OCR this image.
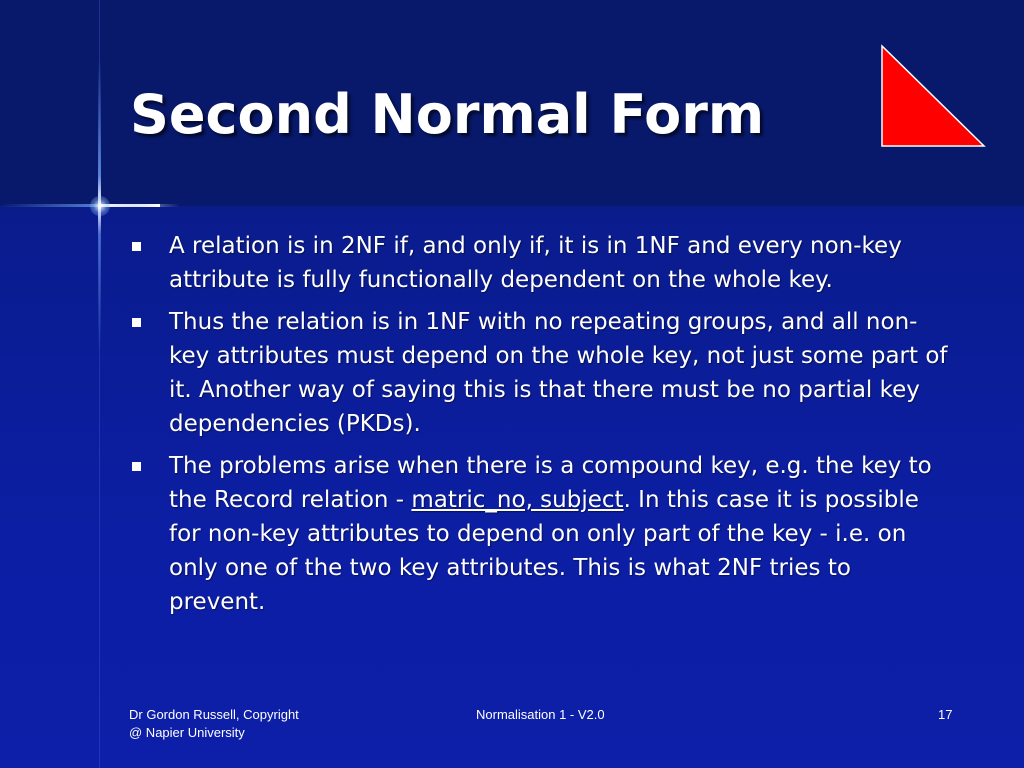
Second Normal Form
A relation is in 2NF if, and only if, it is in 1NF and every non-key attribute is fully functionally dependent on the whole key.
Thus the relation is in 1NF with no repeating groups, and all non-key attributes must depend on the whole key, not just some part of it. Another way of saying this is that there must be no partial key dependencies (PKDs).
The problems arise when there is a compound key, e.g. the key to the Record relation - matric_no, subject. In this case it is possible for non-key attributes to depend on only part of the key - i.e. on only one of the two key attributes. This is what 2NF tries to prevent.
Dr Gordon Russell, Copyright
@ Napier University
Normalisation 1 - V2.0	17
